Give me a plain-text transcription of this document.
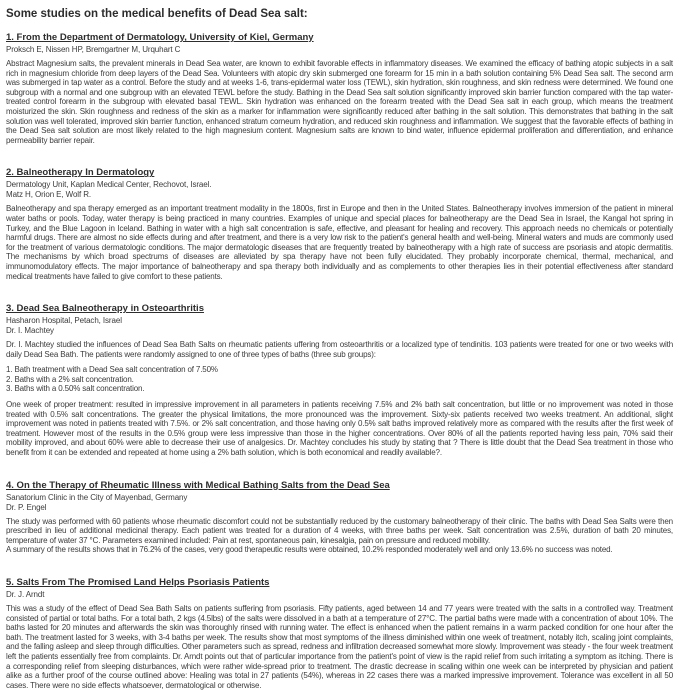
Some studies on the medical benefits of Dead Sea salt:
1. From the Department of Dermatology, University of Kiel, Germany

Proksch E, Nissen HP, Bremgartner M, Urquhart C

Abstract Magnesium salts, the prevalent minerals in Dead Sea water, are known to exhibit favorable effects in inflammatory diseases. We examined the efficacy of bathing atopic subjects in a salt rich in magnesium chloride from deep layers of the Dead Sea. Volunteers with atopic dry skin submerged one forearm for 15 min in a bath solution containing 5% Dead Sea salt. The second arm was submerged in tap water as a control. Before the study and at weeks 1-6, trans-epidermal water loss (TEWL), skin hydration, skin roughness, and skin redness were determined. We found one subgroup with a normal and one subgroup with an elevated TEWL before the study. Bathing in the Dead Sea salt solution significantly improved skin barrier function compared with the tap water-treated control forearm in the subgroup with elevated basal TEWL. Skin hydration was enhanced on the forearm treated with the Dead Sea salt in each group, which means the treatment moisturized the skin. Skin roughness and redness of the skin as a marker for inflammation were significantly reduced after bathing in the salt solution. This demonstrates that bathing in the salt solution was well tolerated, improved skin barrier function, enhanced stratum corneum hydration, and reduced skin roughness and inflammation. We suggest that the favorable effects of bathing in the Dead Sea salt solution are most likely related to the high magnesium content. Magnesium salts are known to bind water, influence epidermal proliferation and differentiation, and enhance permeability barrier repair.

2. Balneotherapy In Dermatology

Dermatology Unit, Kaplan Medical Center, Rechovot, Israel.

Matz H, Orion E, Wolf R.

Balneotherapy and spa therapy emerged as an important treatment modality in the 1800s, first in Europe and then in the United States. Balneotherapy involves immersion of the patient in mineral water baths or pools. Today, water therapy is being practiced in many countries. Examples of unique and special places for balneotherapy are the Dead Sea in Israel, the Kangal hot spring in Turkey, and the Blue Lagoon in Iceland. Bathing in water with a high salt concentration is safe, effective, and pleasant for healing and recovery. This approach needs no chemicals or potentially harmful drugs. There are almost no side effects during and after treatment, and there is a very low risk to the patient's general health and well-being. Mineral waters and muds are commonly used for the treatment of various dermatologic conditions. The major dermatologic diseases that are frequently treated by balneotherapy with a high rate of success are psoriasis and atopic dermatitis. The mechanisms by which broad spectrums of diseases are alleviated by spa therapy have not been fully elucidated. They probably incorporate chemical, thermal, mechanical, and immunomodulatory effects. The major importance of balneotherapy and spa therapy both individually and as complements to other therapies lies in their potential effectiveness after standard medical treatments have failed to give comfort to these patients.

3. Dead Sea Balneotherapy in Osteoarthritis

Hasharon Hospital, Petach, Israel

Dr. I. Machtey

Dr. I. Machtey studied the influences of Dead Sea Bath Salts on rheumatic patients uffering from osteoarthritis or a localized type of tendinitis. 103 patients were treated for one or two weeks with daily Dead Sea Bath. The patients were randomly assigned to one of three types of baths (three sub groups):

1. Bath treatment with a Dead Sea salt concentration of 7.50%

2. Baths with a 2% salt concentration.

3. Baths with a 0.50% salt concentration.

One week of proper treatment: resulted in impressive improvement in all parameters in patients receiving 7.5% and 2% bath salt concentration, but little or no improvement was noted in those treated with 0.5% salt concentrations. The greater the physical limitations, the more pronounced was the improvement. Sixty-six patients received two weeks treatment. An additional, slight improvement was noted in patients treated with 7.5%. or 2% salt concentration, and those having only 0.5% salt baths improved relatively more as compared with the results after the first week of treatment. However most of the results in the 0.5% group were less impressive than those in the higher concentrations. Over 80% of all the patients reported having less pain, 70% said their mobility improved, and about 60% were able to decrease their use of analgesics. Dr. Machtey concludes his study by stating that ? There is little doubt that the Dead Sea treatment in those who benefit from it can be extended and repeated at home using a 2% bath solution, which is both economical and readily available?.

4. On the Therapy of Rheumatic Illness with Medical Bathing Salts from the Dead Sea

Sanatorium Clinic in the City of Mayenbad, Germany

Dr. P. Engel

The study was performed with 60 patients whose rheumatic discomfort could not be substantially reduced by the customary balneotherapy of their clinic. The baths with Dead Sea Salts were then prescribed in lieu of additional medicinal therapy. Each patient was treated for a duration of 4 weeks, with three baths per week. Salt concentration was 2.5%, duration of bath 20 minutes, temperature of water 37 °C. Parameters examined included: Pain at rest, spontaneous pain, kinesalgia, pain on pressure and reduced mobility.

A summary of the results shows that in 76.2% of the cases, very good therapeutic results were obtained, 10.2% responded moderately well and only 13.6% no success was noted.

5. Salts From The Promised Land Helps Psoriasis Patients

Dr. J. Arndt

This was a study of the effect of Dead Sea Bath Salts on patients suffering from psoriasis. Fifty patients, aged between 14 and 77 years were treated with the salts in a controlled way. Treatment consisted of partial or total baths. For a total bath, 2 kgs (4.5lbs) of the salts were dissolved in a bath at a temperature of 27°C. The partial baths were made with a concentration of about 10%. The baths lasted for 20 minutes and afterwards the skin was thoroughly rinsed with running water. The effect is enhanced when the patient remains in a warm packed condition for one hour after the bath. The treatment lasted for 3 weeks, with 3-4 baths per week. The results show that most symptoms of the illness diminished within one week of treatment, notably itch, scaling joint complaints, and the falling asleep and sleep through difficulties. Other parameters such as spread, redness and infiltration decreased somewhat more slowly. Improvement was steady - the four week treatment left the patients essentially free from complaints. Dr. Arndt points out that of particular importance from the patient's point of view is the rapid relief from such irritating a symptom as itching. There is a corresponding relief from sleeping disturbances, which were rather wide-spread prior to treatment. The drastic decrease in scaling within one week can be interpreted by physician and patient alike as a further proof of the course outlined above: Healing was total in 27 patients (54%), whereas in 22 cases there was a marked impressive improvement. Tolerance was excellent in all 50 cases. There were no side effects whatsoever, dermatological or otherwise.
